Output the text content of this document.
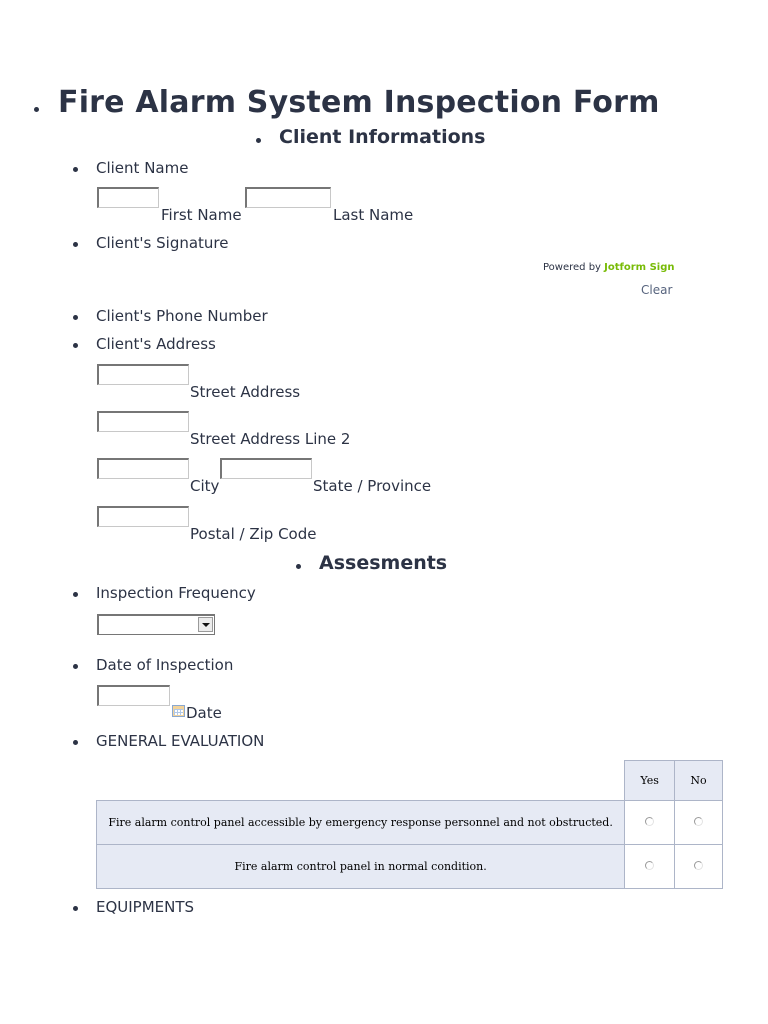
Fire Alarm System Inspection Form
Client Informations
Client Name
First Name	Last Name
Client's Signature
Powered by Jotform Sign
Clear
Client's Phone Number
Client's Address
Street Address
Street Address Line 2
City	State / Province
Postal / Zip Code
Assesments
Inspection Frequency
Date of Inspection
Date
GENERAL EVALUATION
	Yes	No
Fire alarm control panel accessible by emergency response personnel and not obstructed.		
Fire alarm control panel in normal condition.		
EQUIPMENTS
